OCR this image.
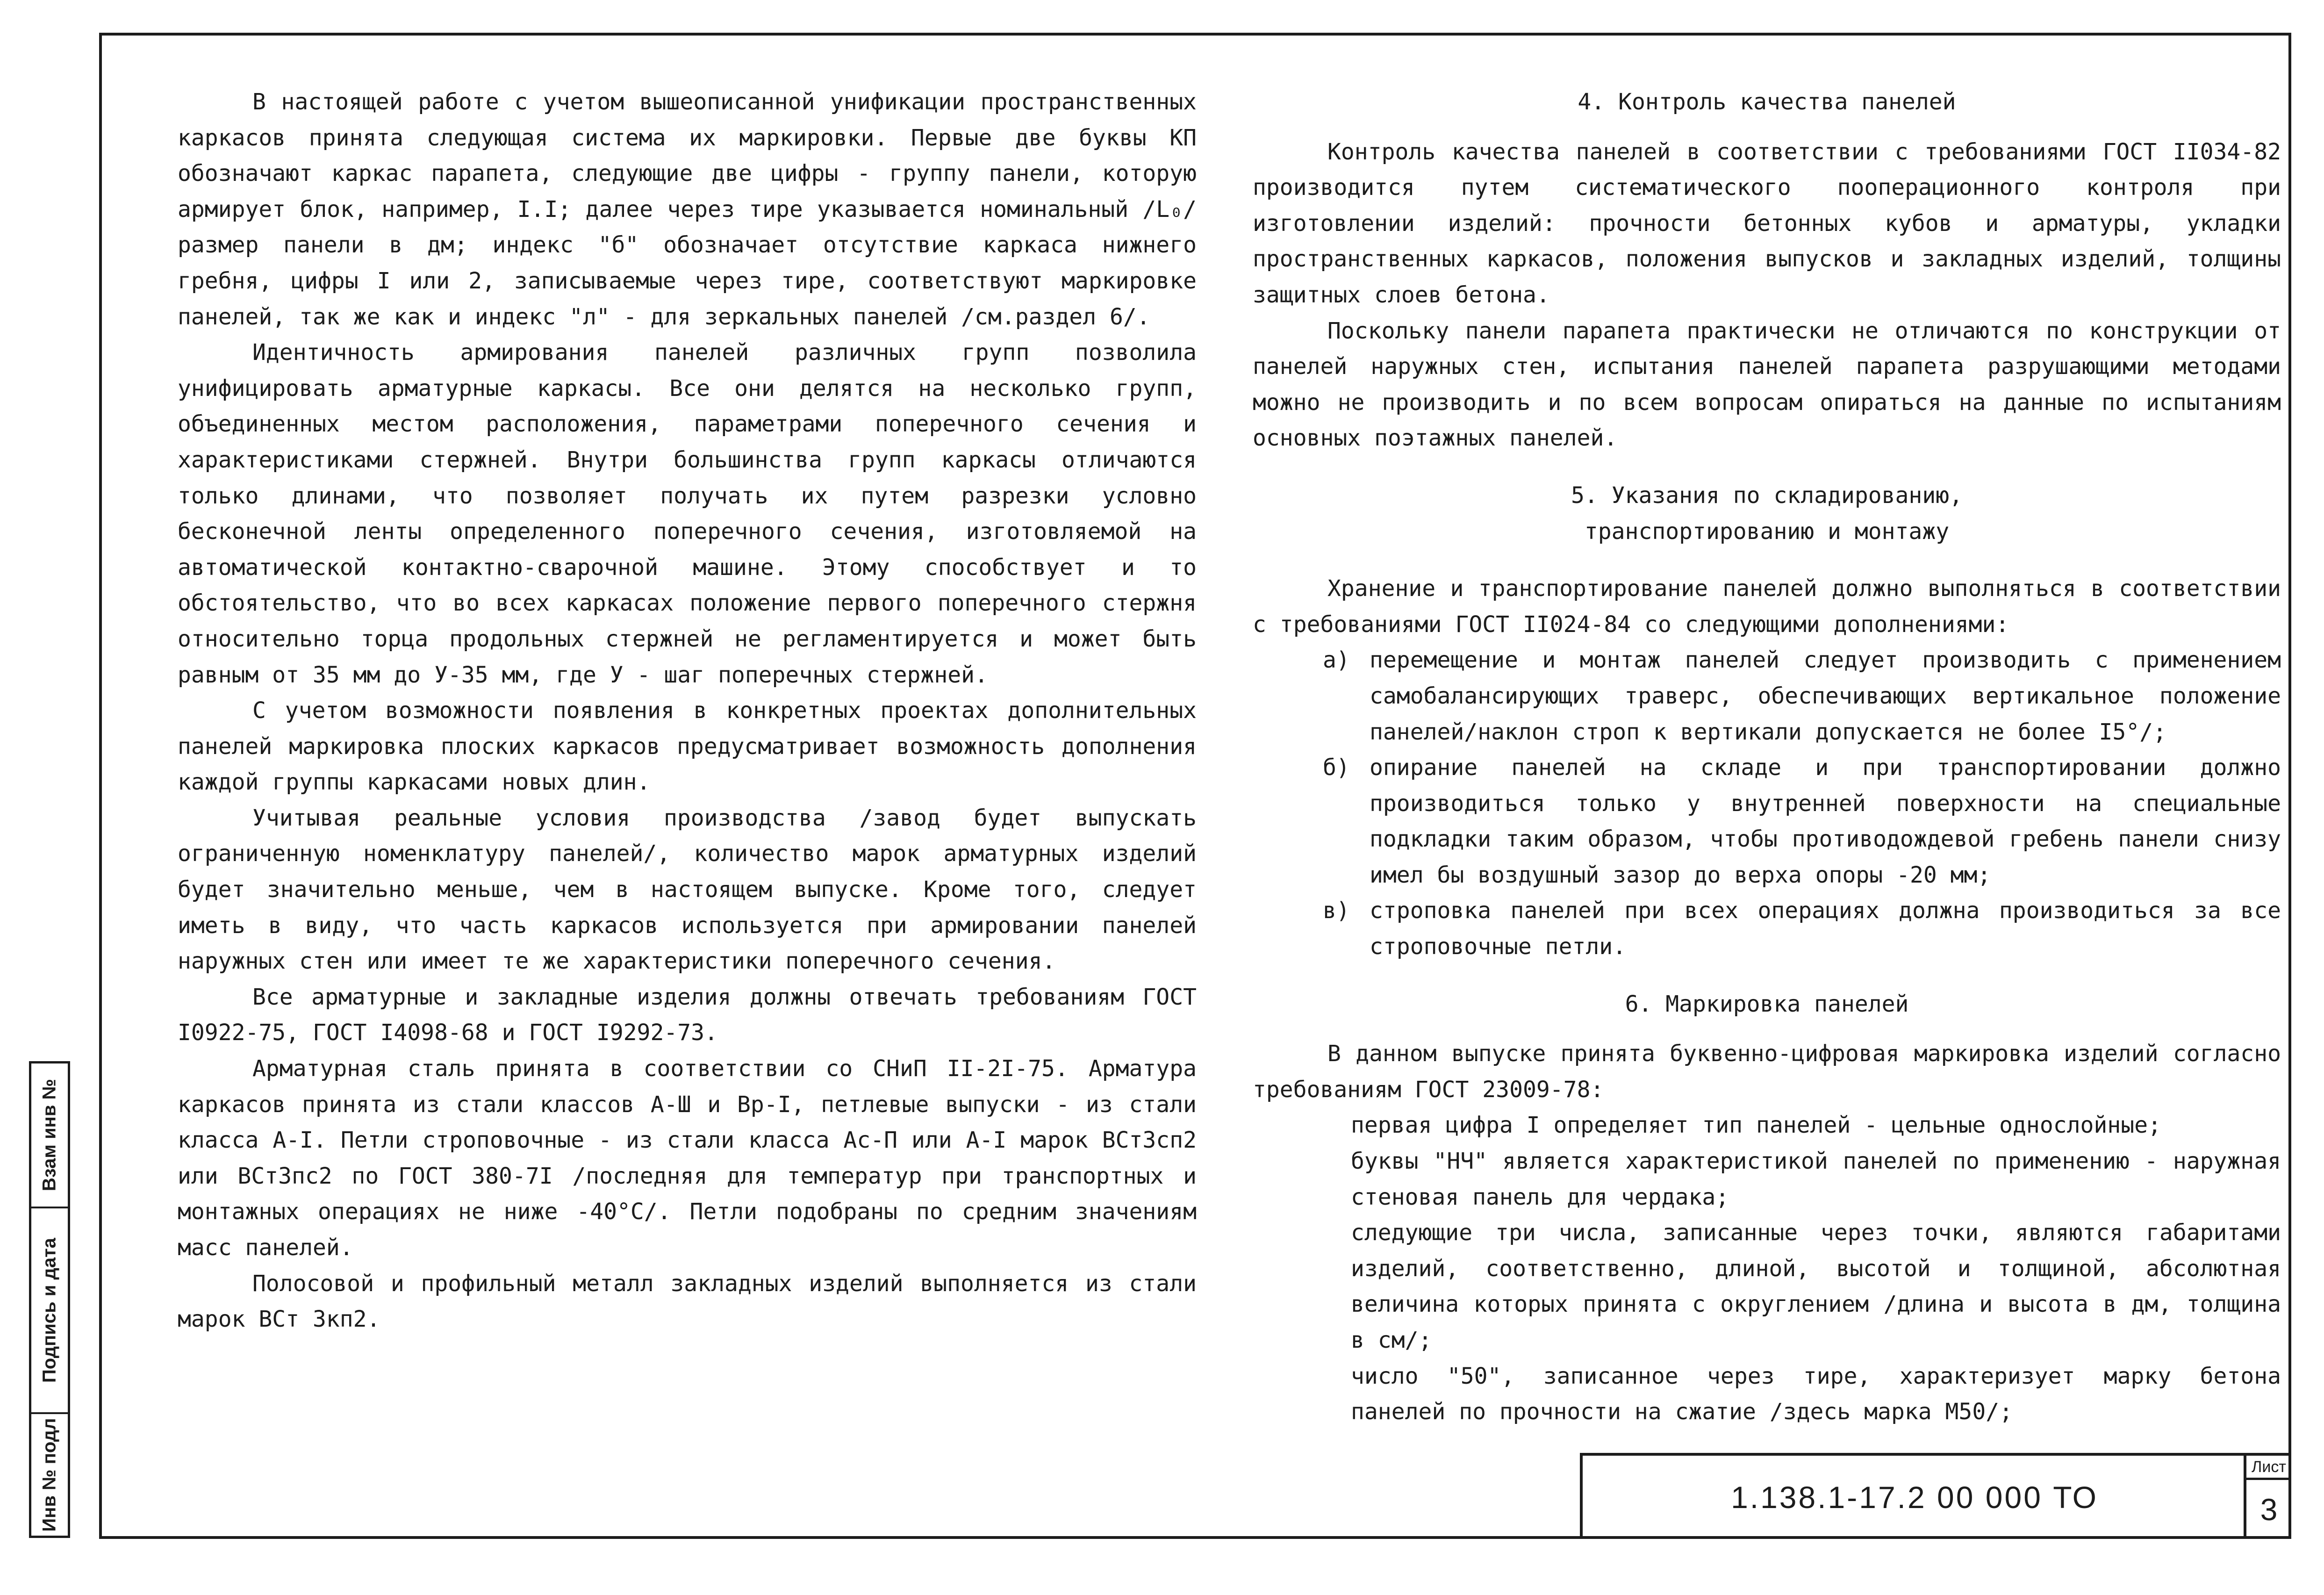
В настоящей работе с учетом вышеописанной унификации пространственных каркасов принята следующая система их маркировки. Первые две буквы КП обозначают каркас парапета, следующие две цифры - группу панели, которую армирует блок, например, I.I; далее через тире указывается номинальный /L₀/размер панели в дм; индекс "б" обозначает отсутствие каркаса нижнего гребня, цифры I или 2, записываемые через тире, соответствуют маркировке панелей, так же как и индекс "л" - для зеркальных панелей /см.раздел 6/.

Идентичность армирования панелей различных групп позволила унифицировать арматурные каркасы. Все они делятся на несколько групп, объединенных местом расположения, параметрами поперечного сечения и характеристиками стержней. Внутри большинства групп каркасы отличаются только длинами, что позволяет получать их путем разрезки условно бесконечной ленты определенного поперечного сечения, изготовляемой на автоматической контактно-сварочной машине. Этому способствует и то обстоятельство, что во всех каркасах положение первого поперечного стержня относительно торца продольных стержней не регламентируется и может быть равным от 35 мм до У-35 мм, где У - шаг поперечных стержней.

С учетом возможности появления в конкретных проектах дополнительных панелей маркировка плоских каркасов предусматривает возможность дополнения каждой группы каркасами новых длин.

Учитывая реальные условия производства /завод будет выпускать ограниченную номенклатуру панелей/, количество марок арматурных изделий будет значительно меньше, чем в настоящем выпуске. Кроме того, следует иметь в виду, что часть каркасов используется при армировании панелей наружных стен или имеет те же характеристики поперечного сечения.

Все арматурные и закладные изделия должны отвечать требованиям ГОСТ I0922-75, ГОСТ I4098-68 и ГОСТ I9292-73.

Арматурная сталь принята в соответствии со СНиП II-2I-75. Арматура каркасов принята из стали классов А-Ш и Вр-I, петлевые выпуски - из стали класса А-I. Петли строповочные - из стали класса Ас-П или А-I марок ВСт3сп2 или ВСт3пс2 по ГОСТ 380-7I /последняя для температур при транспортных и монтажных операциях не ниже -40°С/. Петли подобраны по средним значениям масс панелей.

Полосовой и профильный металл закладных изделий выполняется из стали марок ВСт 3кп2.

4. Контроль качества панелей

Контроль качества панелей в соответствии с требованиями ГОСТ II034-82 производится путем систематического пооперационного контроля при изготовлении изделий: прочности бетонных кубов и арматуры, укладки пространственных каркасов, положения выпусков и закладных изделий, толщины защитных слоев бетона.

Поскольку панели парапета практически не отличаются по конструкции от панелей наружных стен, испытания панелей парапета разрушающими методами можно не производить и по всем вопросам опираться на данные по испытаниям основных поэтажных панелей.

5. Указания по складированию,

транспортированию и монтажу

Хранение и транспортирование панелей должно выполняться в соответствии с требованиями ГОСТ II024-84 со следующими дополнениями:

а) перемещение и монтаж панелей следует производить с применением самобалансирующих траверс, обеспечивающих вертикальное положение панелей/наклон строп к вертикали допускается не более I5°/;
б) опирание панелей на складе и при транспортировании должно производиться только у внутренней поверхности на специальные подкладки таким образом, чтобы противодождевой гребень панели снизу имел бы воздушный зазор до верха опоры -20 мм;
в) строповка панелей при всех операциях должна производиться за все строповочные петли.

6. Маркировка панелей

В данном выпуске принята буквенно-цифровая маркировка изделий согласно требованиям ГОСТ 23009-78:

первая цифра I определяет тип панелей - цельные однослойные;

буквы "НЧ" является характеристикой панелей по применению - наружная стеновая панель для чердака;

следующие три числа, записанные через точки, являются габаритами изделий, соответственно, длиной, высотой и толщиной, абсолютная величина которых принята с округлением /длина и высота в дм, толщина в см/;

число "50", записанное через тире, характеризует марку бетона панелей по прочности на сжатие /здесь марка М50/;

Взам инв №
Подпись и дата
Инв № подл	1.138.1-17.2 00 000 ТО
Лист
3
